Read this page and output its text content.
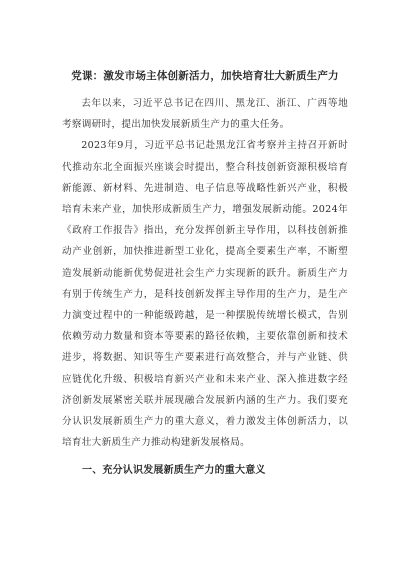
党课：激发市场主体创新活力，加快培育壮大新质生产力

去年以来，习近平总书记在四川、黑龙江、浙江、广西等地考察调研时，提出加快发展新质生产力的重大任务。

2023年9月，习近平总书记赴黑龙江省考察并主持召开新时代推动东北全面振兴座谈会时提出，整合科技创新资源积极培育新能源、新材料、先进制造、电子信息等战略性新兴产业，积极培育未来产业，加快形成新质生产力，增强发展新动能。2024年《政府工作报告》指出，充分发挥创新主导作用，以科技创新推动产业创新，加快推进新型工业化，提高全要素生产率，不断塑造发展新动能新优势促进社会生产力实现新的跃升。新质生产力有别于传统生产力，是科技创新发挥主导作用的生产力，是生产力演变过程中的一种能级跨越，是一种摆脱传统增长模式，告别依赖劳动力数量和资本等要素的路径依赖，主要依靠创新和技术进步，将数据、知识等生产要素进行高效整合，并与产业链、供应链优化升级、积极培育新兴产业和未来产业、深入推进数字经济创新发展紧密关联并展现融合发展新内涵的生产力。我们要充分认识发展新质生产力的重大意义，着力激发主体创新活力，以培育壮大新质生产力推动构建新发展格局。

一、充分认识发展新质生产力的重大意义
